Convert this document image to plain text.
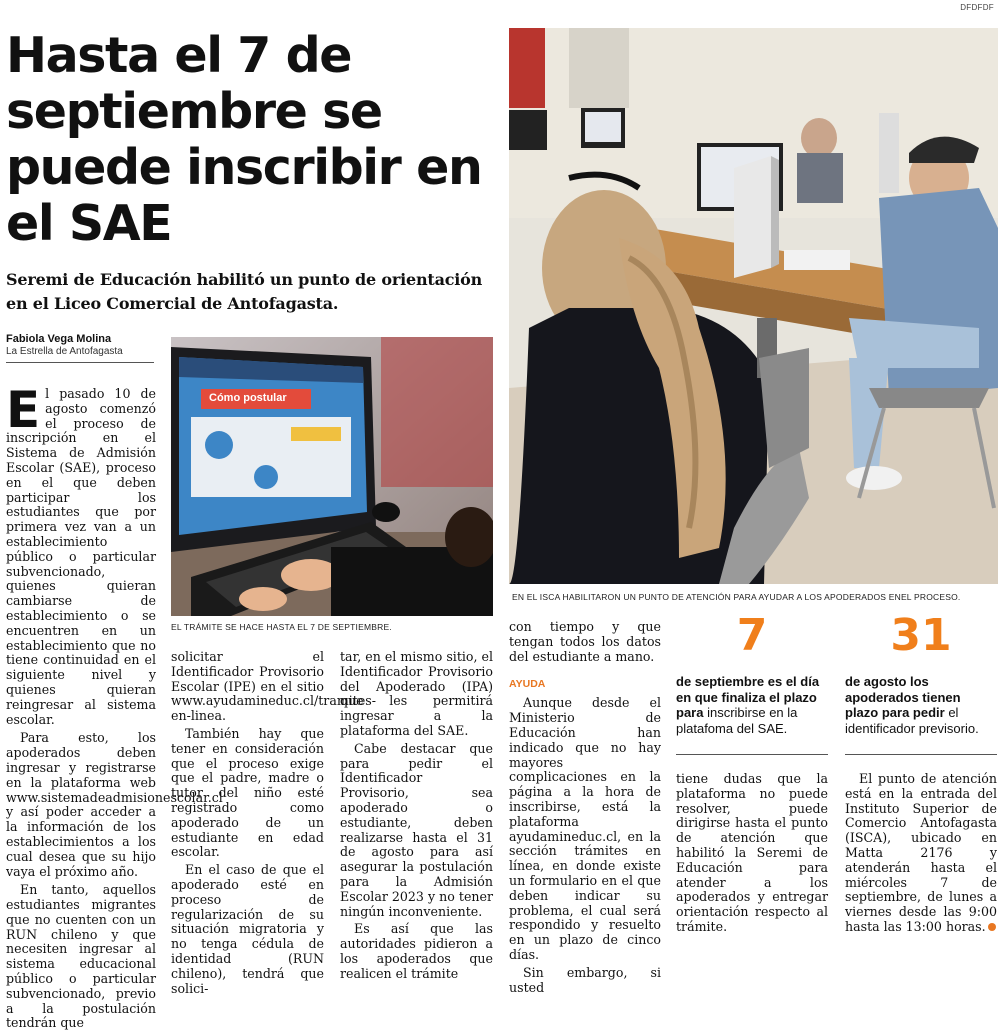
DFDFDF
Hasta el 7 de septiembre se puede inscribir en el SAE
Seremi de Educación habilitó un punto de orientación en el Liceo Comercial de Antofagasta.
Fabiola Vega Molina
La Estrella de Antofagasta
Cómo postular
EL TRÁMITE SE HACE HASTA EL 7 DE SEPTIEMBRE.
EN EL ISCA HABILITARON UN PUNTO DE ATENCIÓN PARA AYUDAR A LOS APODERADOS ENEL PROCESO.

El pasado 10 de agosto comenzó el proceso de inscripción en el Sistema de Admisión Escolar (SAE), proceso en el que deben participar los estudiantes que por primera vez van a un establecimiento público o particular subvencionado, quienes quieran cambiarse de establecimiento o se encuentren en un establecimiento que no tiene continuidad en el siguiente nivel y quienes quieran reingresar al sistema escolar.

Para esto, los apoderados deben ingresar y registrarse en la plataforma web www.sistemadeadmisionescolar.cl y así poder acceder a la información de los establecimientos a los cual desea que su hijo vaya el próximo año.

En tanto, aquellos estudiantes migrantes que no cuenten con un RUN chileno y que necesiten ingresar al sistema educacional público o particular subvencionado, previo a la postulación tendrán que

solicitar el Identificador Provisorio Escolar (IPE) en el sitio www.ayudamineduc.cl/tramites-en-linea.

También hay que tener en consideración que el proceso exige que el padre, madre o tutor del niño esté registrado como apoderado de un estudiante en edad escolar.

En el caso de que el apoderado esté en proceso de regularización de su situación migratoria y no tenga cédula de identidad (RUN chileno), tendrá que solici-

tar, en el mismo sitio, el Identificador Provisorio del Apoderado (IPA) que les permitirá ingresar a la plataforma del SAE.

Cabe destacar que para pedir el Identificador Provisorio, sea apoderado o estudiante, deben realizarse hasta el 31 de agosto para así asegurar la postulación para la Admisión Escolar 2023 y no tener ningún inconveniente.

Es así que las autoridades pidieron a los apoderados que realicen el trámite

con tiempo y que tengan todos los datos del estudiante a mano.

AYUDA

Aunque desde el Ministerio de Educación han indicado que no hay mayores complicaciones en la página a la hora de inscribirse, está la plataforma ayudamineduc.cl, en la sección trámites en línea, en donde existe un formulario en el que deben indicar su problema, el cual será respondido y resuelto en un plazo de cinco días.

Sin embargo, si usted

7
de septiembre es el día en que finaliza el plazo para inscribirse en la platafoma del SAE.
31
de agosto los apoderados tienen plazo para pedir el identificador previsorio.

tiene dudas que la plataforma no puede resolver, puede dirigirse hasta el punto de atención que habilitó la Seremi de Educación para atender a los apoderados y entregar orientación respecto al trámite.

El punto de atención está en la entrada del Instituto Superior de Comercio Antofagasta (ISCA), ubicado en Matta 2176 y atenderán hasta el miércoles 7 de septiembre, de lunes a viernes desde las 9:00 hasta las 13:00 horas.
